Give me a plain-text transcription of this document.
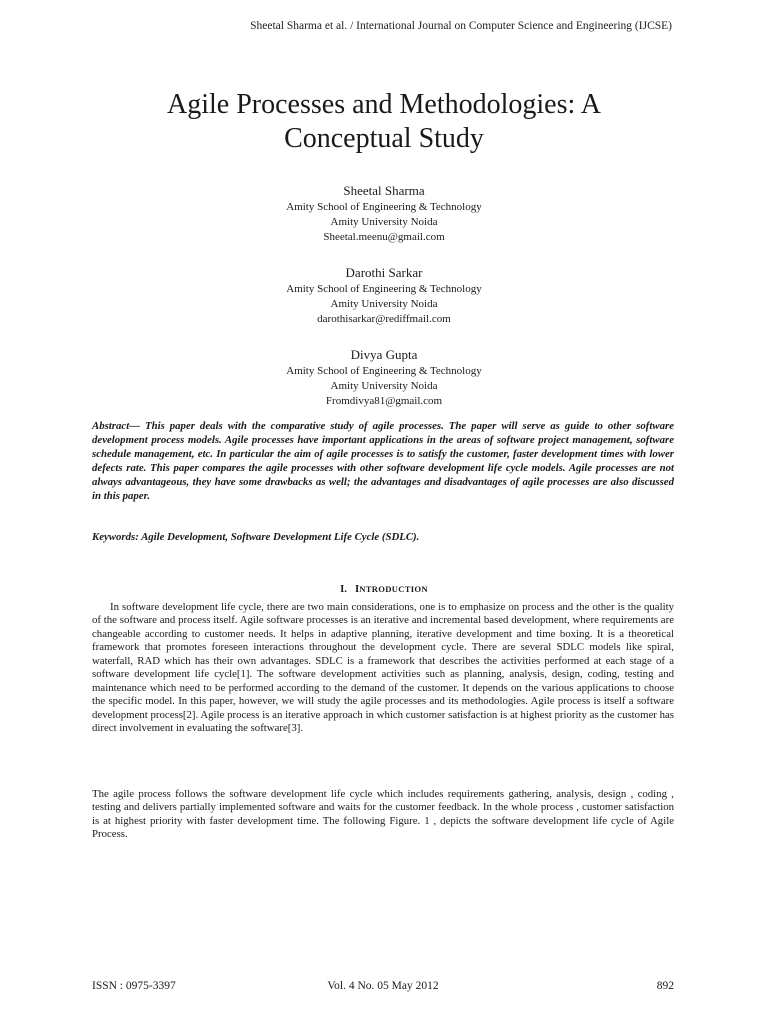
Sheetal Sharma et al. / International Journal on Computer Science and Engineering (IJCSE)
Agile Processes and Methodologies: A
Conceptual Study
Sheetal Sharma
Amity School of Engineering & Technology
Amity University Noida
Sheetal.meenu@gmail.com
Darothi Sarkar
Amity School of Engineering & Technology
Amity University Noida
darothisarkar@rediffmail.com
Divya Gupta
Amity School of Engineering & Technology
Amity University Noida
Fromdivya81@gmail.com

Abstract— This paper deals with the comparative study of agile processes. The paper will serve as guide to other software development process models. Agile processes have important applications in the areas of software project management, software schedule management, etc. In particular the aim of agile processes is to satisfy the customer, faster development times with lower defects rate. This paper compares the agile processes with other software development life cycle models. Agile processes are not always advantageous, they have some drawbacks as well; the advantages and disadvantages of agile processes are also discussed in this paper.

Keywords: Agile Development, Software Development Life Cycle (SDLC).

I. INTRODUCTION

In software development life cycle, there are two main considerations, one is to emphasize on process and the other is the quality of the software and process itself. Agile software processes is an iterative and incremental based development, where requirements are changeable according to customer needs. It helps in adaptive planning, iterative development and time boxing. It is a theoretical framework that promotes foreseen interactions throughout the development cycle. There are several SDLC models like spiral, waterfall, RAD which has their own advantages. SDLC is a framework that describes the activities performed at each stage of a software development life cycle[1]. The software development activities such as planning, analysis, design, coding, testing and maintenance which need to be performed according to the demand of the customer. It depends on the various applications to choose the specific model. In this paper, however, we will study the agile processes and its methodologies. Agile process is itself a software development process[2]. Agile process is an iterative approach in which customer satisfaction is at highest priority as the customer has direct involvement in evaluating the software[3].

The agile process follows the software development life cycle which includes requirements gathering, analysis, design , coding , testing and delivers partially implemented software and waits for the customer feedback. In the whole process , customer satisfaction is at highest priority with faster development time. The following Figure. 1 , depicts the software development life cycle of Agile Process.

ISSN : 0975-3397	Vol. 4 No. 05 May 2012	892
